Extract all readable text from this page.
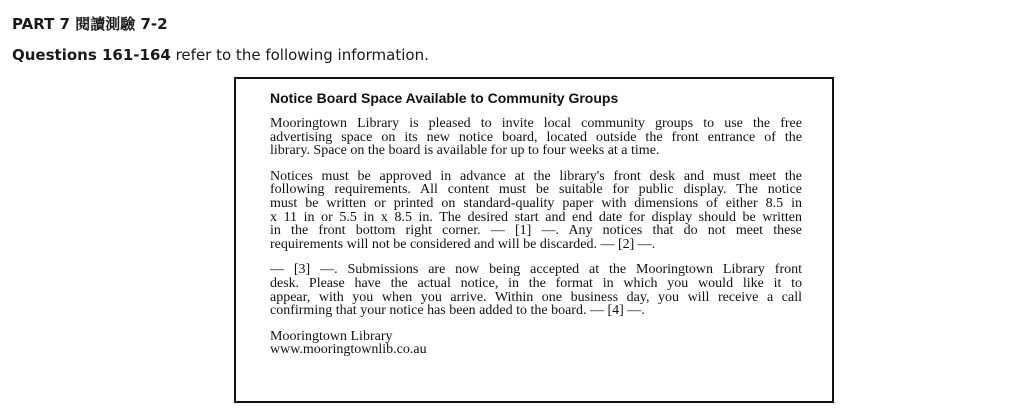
PART 7 閱讀測驗 7-2
Questions 161-164 refer to the following information.
Notice Board Space Available to Community Groups
Mooringtown Library is pleased to invite local community groups to use the free
advertising space on its new notice board, located outside the front entrance of the
library. Space on the board is available for up to four weeks at a time.
Notices must be approved in advance at the library's front desk and must meet the
following requirements. All content must be suitable for public display. The notice
must be written or printed on standard-quality paper with dimensions of either 8.5 in
x 11 in or 5.5 in x 8.5 in. The desired start and end date for display should be written
in the front bottom right corner. — [1] —. Any notices that do not meet these
requirements will not be considered and will be discarded. — [2] —.
— [3] —. Submissions are now being accepted at the Mooringtown Library front
desk. Please have the actual notice, in the format in which you would like it to
appear, with you when you arrive. Within one business day, you will receive a call
confirming that your notice has been added to the board. — [4] —.
Mooringtown Library
www.mooringtownlib.co.au
